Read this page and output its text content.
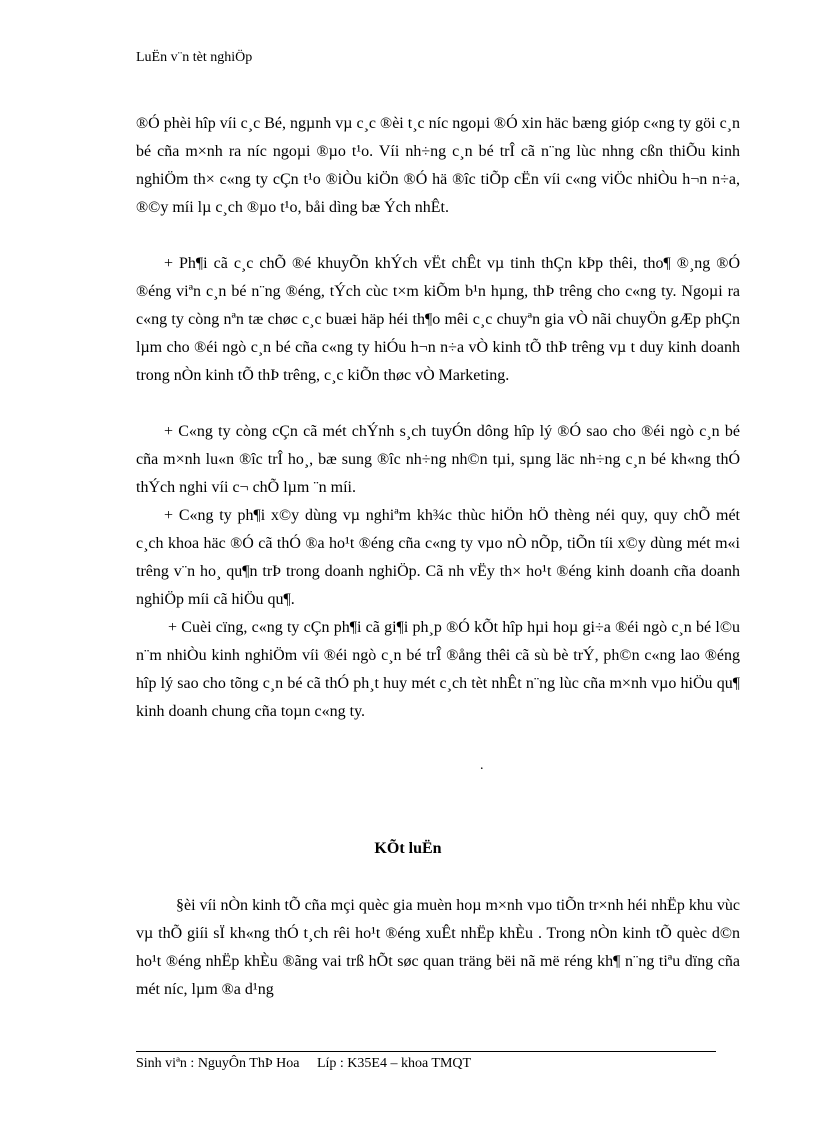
LuËn v¨n tèt nghiÖp
®Ó phèi hîp víi c¸c Bé, ngµnh vµ c¸c ®èi t¸c níc ngoµi ®Ó xin häc bæng gióp c«ng ty göi c¸n bé cña m×nh ra níc ngoµi ®µo t¹o. Víi nh÷ng c¸n bé trÎ cã n¨ng lùc nhng cßn thiÕu kinh nghiÖm th× c«ng ty cÇn t¹o ®iÒu kiÖn ®Ó hä ®îc tiÕp cËn víi c«ng viÖc nhiÒu h¬n n÷a, ®©y míi lµ c¸ch ®µo t¹o, båi dìng bæ Ých nhÊt.
+ Ph¶i cã c¸c chÕ ®é khuyÕn khÝch vËt chÊt vµ tinh thÇn kÞp thêi, tho¶ ®¸ng ®Ó ®éng viªn c¸n bé n¨ng ®éng, tÝch cùc t×m kiÕm b¹n hµng, thÞ trêng cho c«ng ty. Ngoµi ra c«ng ty còng nªn tæ chøc c¸c buæi häp héi th¶o mêi c¸c chuyªn gia vÒ nãi chuyÖn gÆp phÇn lµm cho ®éi ngò c¸n bé cña c«ng ty hiÓu h¬n n÷a vÒ kinh tÕ thÞ trêng vµ t duy kinh doanh trong nÒn kinh tÕ thÞ trêng, c¸c kiÕn thøc vÒ Marketing.
+ C«ng ty còng cÇn cã mét chÝnh s¸ch tuyÓn dông hîp lý ®Ó sao cho ®éi ngò c¸n bé cña m×nh lu«n ®îc trÎ ho¸, bæ sung ®îc nh÷ng nh©n tµi, sµng läc nh÷ng c¸n bé kh«ng thÓ thÝch nghi víi c¬ chÕ lµm ¨n míi.
+ C«ng ty ph¶i x©y dùng vµ nghiªm kh¾c thùc hiÖn hÖ thèng néi quy, quy chÕ mét c¸ch khoa häc ®Ó cã thÓ ®a ho¹t ®éng cña c«ng ty vµo nÒ nÕp, tiÕn tíi x©y dùng mét m«i trêng v¨n ho¸ qu¶n trÞ trong doanh nghiÖp. Cã nh vËy th× ho¹t ®éng kinh doanh cña doanh nghiÖp míi cã hiÖu qu¶.
+ Cuèi cïng, c«ng ty cÇn ph¶i cã gi¶i ph¸p ®Ó kÕt hîp hµi hoµ gi÷a ®éi ngò c¸n bé l©u n¨m nhiÒu kinh nghiÖm víi ®éi ngò c¸n bé trÎ ®ång thêi cã sù bè trÝ, ph©n c«ng lao ®éng hîp lý sao cho tõng c¸n bé cã thÓ ph¸t huy mét c¸ch tèt nhÊt n¨ng lùc cña m×nh vµo hiÖu qu¶ kinh doanh chung cña toµn c«ng ty.
.
KÕt luËn
§èi víi nÒn kinh tÕ cña mçi quèc gia muèn hoµ m×nh vµo tiÕn tr×nh héi nhËp khu vùc vµ thÕ giíi sÏ kh«ng thÓ t¸ch rêi ho¹t ®éng xuÊt nhËp khÈu . Trong nÒn kinh tÕ quèc d©n ho¹t ®éng nhËp khÈu ®ãng vai trß hÕt søc quan träng bëi nã më réng kh¶ n¨ng tiªu dïng cña mét níc, lµm ®a d¹ng
Sinh viªn : NguyÔn ThÞ Hoa     Líp : K35E4 – khoa TMQT
